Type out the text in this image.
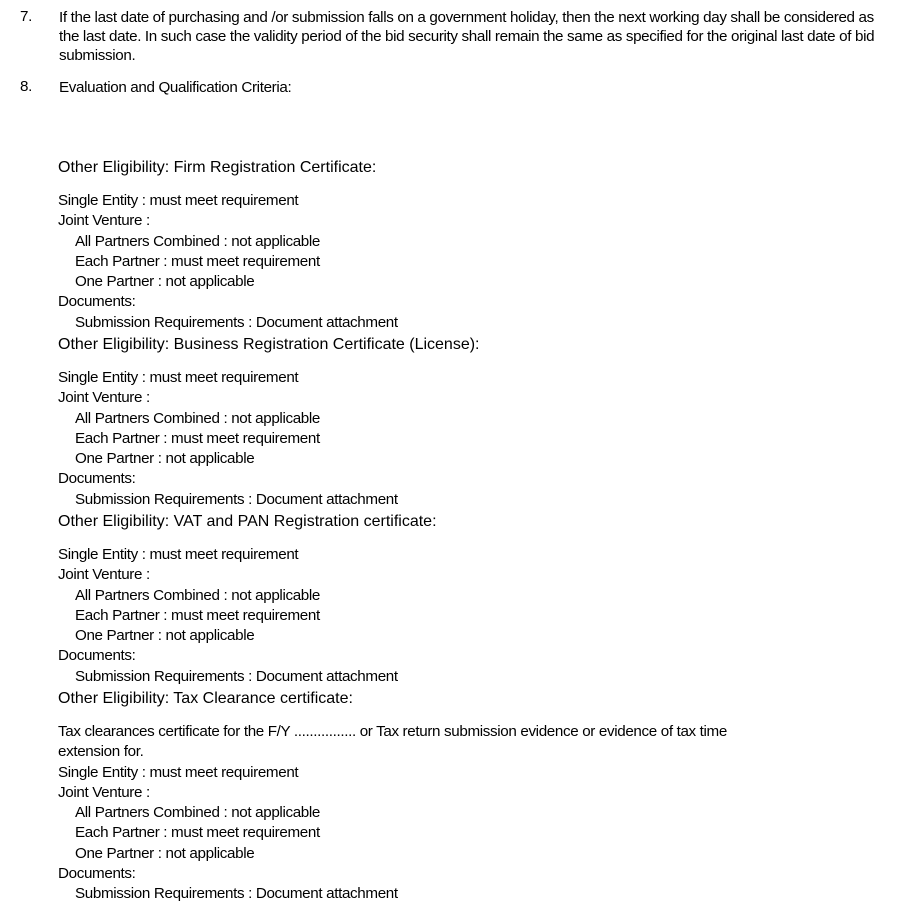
7. If the last date of purchasing and /or submission falls on a government holiday, then the next working day shall be considered as the last date. In such case the validity period of the bid security shall remain the same as specified for the original last date of bid submission.
8. Evaluation and Qualification Criteria:
Other Eligibility: Firm Registration Certificate:
Single Entity : must meet requirement
Joint Venture :
All Partners Combined : not applicable
Each Partner : must meet requirement
One Partner : not applicable
Documents:
Submission Requirements : Document attachment
Other Eligibility: Business Registration Certificate (License):
Single Entity : must meet requirement
Joint Venture :
All Partners Combined : not applicable
Each Partner : must meet requirement
One Partner : not applicable
Documents:
Submission Requirements : Document attachment
Other Eligibility: VAT and PAN Registration certificate:
Single Entity : must meet requirement
Joint Venture :
All Partners Combined : not applicable
Each Partner : must meet requirement
One Partner : not applicable
Documents:
Submission Requirements : Document attachment
Other Eligibility: Tax Clearance certificate:
Tax clearances certificate for the F/Y ................ or Tax return submission evidence or evidence of tax time
extension for.
Single Entity : must meet requirement
Joint Venture :
All Partners Combined : not applicable
Each Partner : must meet requirement
One Partner : not applicable
Documents:
Submission Requirements : Document attachment
